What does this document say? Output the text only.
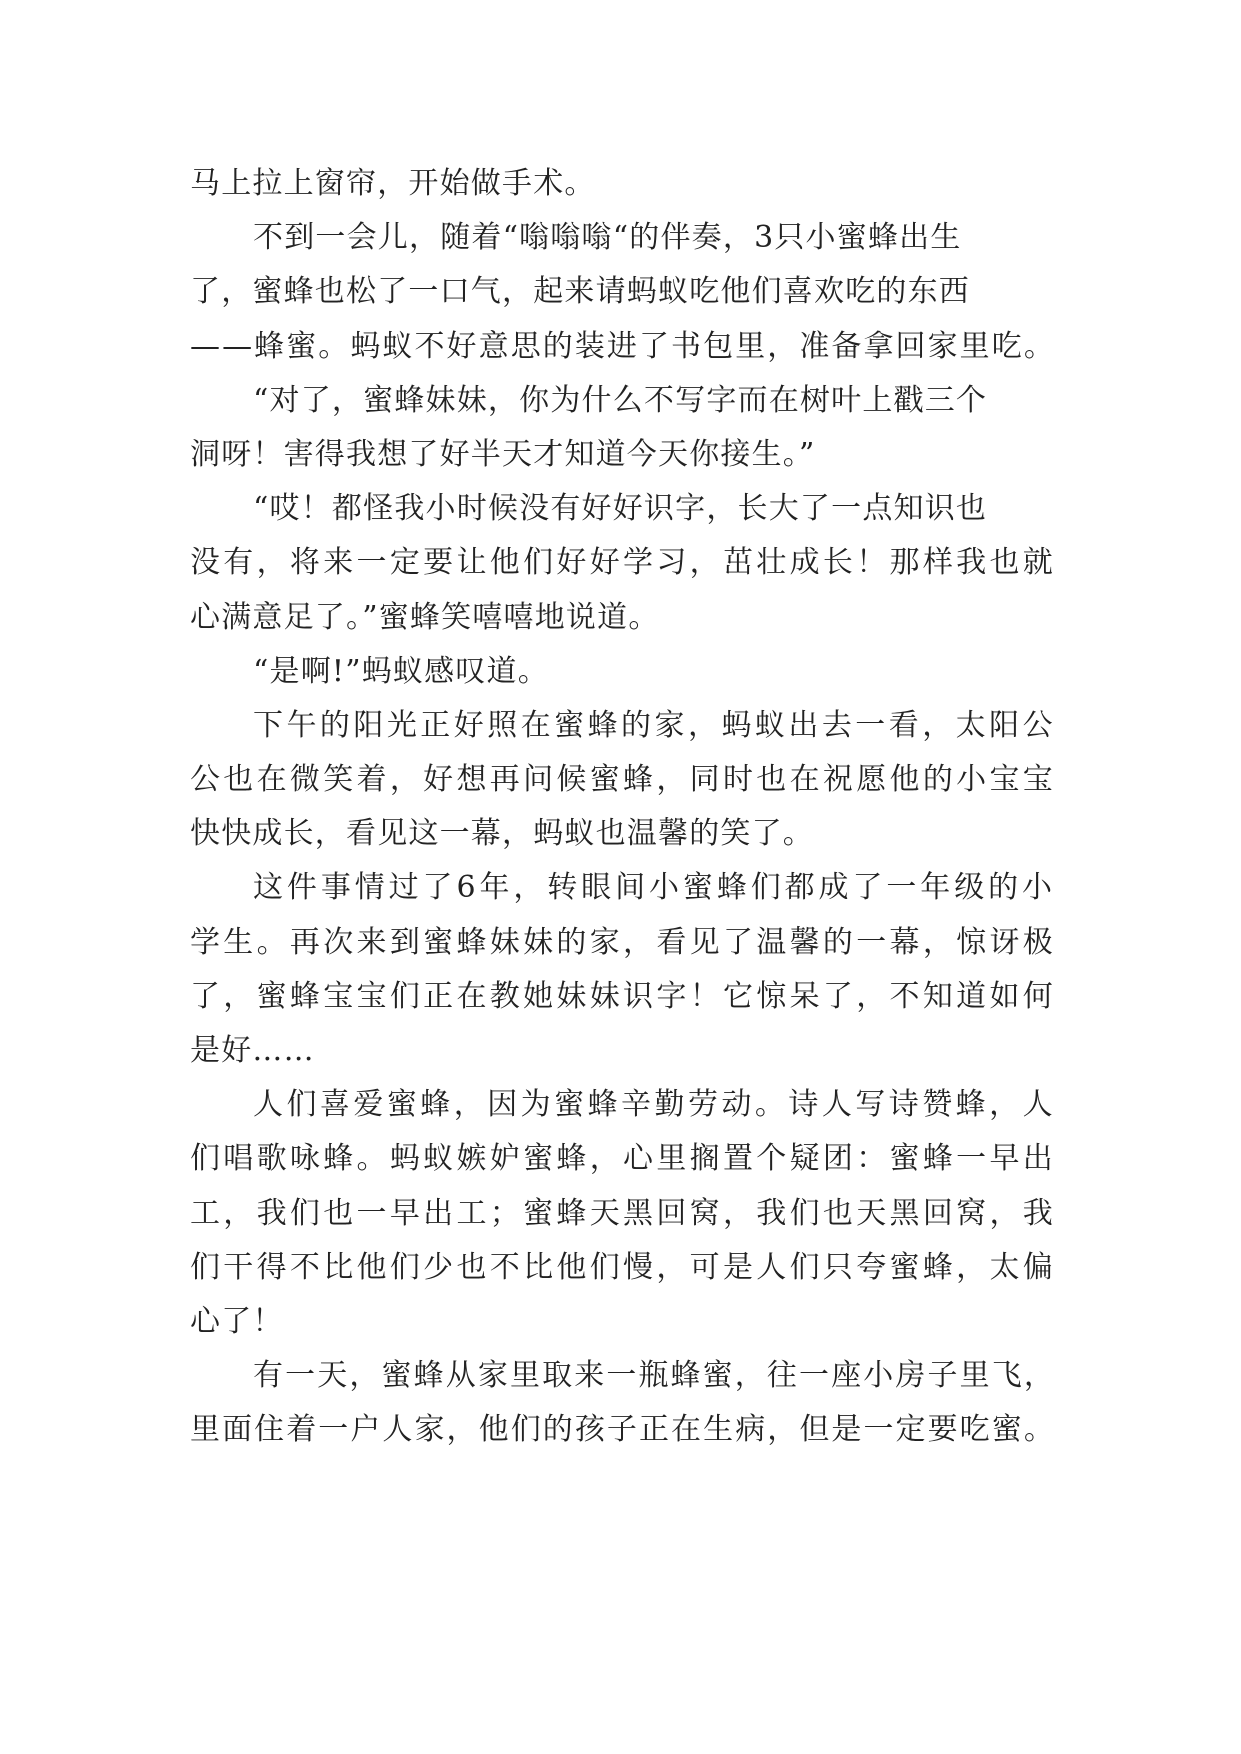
马上拉上窗帘，开始做手术。
不到一会儿，随着“嗡嗡嗡“的伴奏，3只小蜜蜂出生
了，蜜蜂也松了一口气，起来请蚂蚁吃他们喜欢吃的东西
——蜂蜜。蚂蚁不好意思的装进了书包里，准备拿回家里吃。
“对了，蜜蜂妹妹，你为什么不写字而在树叶上戳三个
洞呀！害得我想了好半天才知道今天你接生。”
“哎！都怪我小时候没有好好识字，长大了一点知识也
没有，将来一定要让他们好好学习，茁壮成长！那样我也就
心满意足了。”蜜蜂笑嘻嘻地说道。
“是啊!”蚂蚁感叹道。
下午的阳光正好照在蜜蜂的家，蚂蚁出去一看，太阳公
公也在微笑着，好想再问候蜜蜂，同时也在祝愿他的小宝宝
快快成长，看见这一幕，蚂蚁也温馨的笑了。
这件事情过了6年，转眼间小蜜蜂们都成了一年级的小
学生。再次来到蜜蜂妹妹的家，看见了温馨的一幕，惊讶极
了，蜜蜂宝宝们正在教她妹妹识字！它惊呆了，不知道如何
是好……
人们喜爱蜜蜂，因为蜜蜂辛勤劳动。诗人写诗赞蜂，人
们唱歌咏蜂。蚂蚁嫉妒蜜蜂，心里搁置个疑团：蜜蜂一早出
工，我们也一早出工；蜜蜂天黑回窝，我们也天黑回窝，我
们干得不比他们少也不比他们慢，可是人们只夸蜜蜂，太偏
心了！
有一天，蜜蜂从家里取来一瓶蜂蜜，往一座小房子里飞，
里面住着一户人家，他们的孩子正在生病，但是一定要吃蜜。
